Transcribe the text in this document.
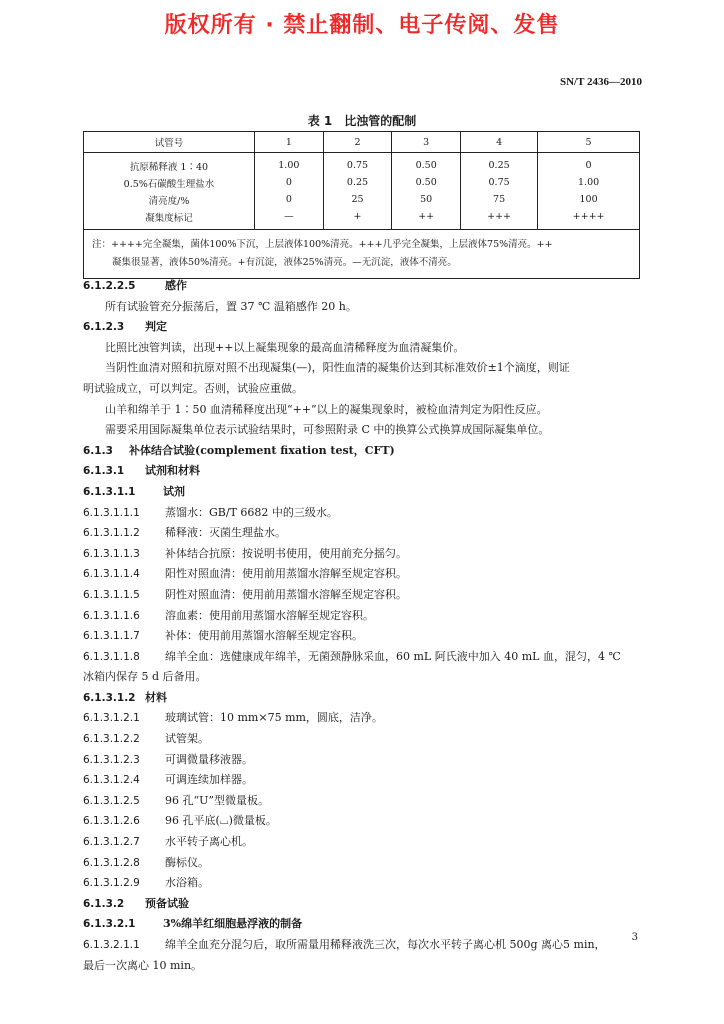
版权所有 · 禁止翻制、电子传阅、发售
SN/T 2436—2010
表 1　比浊管的配制
试管号	1	2	3	4	5
抗原稀释液 1∶40	1.00	0.75	0.50	0.25	0
0.5%石碳酸生理盐水	0	0.25	0.50	0.75	1.00
清亮度/%	0	25	50	75	100
凝集度标记	—	+	++	+++	++++
注：++++完全凝集，菌体100%下沉，上层液体100%清亮。+++几乎完全凝集，上层液体75%清亮。++
凝集很显著，液体50%清亮。+有沉淀，液体25%清亮。—无沉淀，液体不清亮。					
6.1.2.2.5	感作
所有试验管充分振荡后，置 37 ℃ 温箱感作 20 h。
6.1.2.3 判定
比照比浊管判读，出现++以上凝集现象的最高血清稀释度为血清凝集价。
当阴性血清对照和抗原对照不出现凝集(—)，阳性血清的凝集价达到其标准效价±1个滴度，则证
明试验成立，可以判定。否则，试验应重做。
山羊和绵羊于 1∶50 血清稀释度出现“++”以上的凝集现象时，被检血清判定为阳性反应。
需要采用国际凝集单位表示试验结果时，可参照附录 C 中的换算公式换算成国际凝集单位。
6.1.3 补体结合试验(complement fixation test，CFT)
6.1.3.1 试剂和材料
6.1.3.1.1	试剂
6.1.3.1.1.1 蒸馏水：GB/T 6682 中的三级水。
6.1.3.1.1.2 稀释液：灭菌生理盐水。
6.1.3.1.1.3 补体结合抗原：按说明书使用，使用前充分摇匀。
6.1.3.1.1.4 阳性对照血清：使用前用蒸馏水溶解至规定容积。
6.1.3.1.1.5 阴性对照血清：使用前用蒸馏水溶解至规定容积。
6.1.3.1.1.6 溶血素：使用前用蒸馏水溶解至规定容积。
6.1.3.1.1.7 补体：使用前用蒸馏水溶解至规定容积。
6.1.3.1.1.8 绵羊全血：选健康成年绵羊，无菌颈静脉采血，60 mL 阿氏液中加入 40 mL 血，混匀，4 ℃
冰箱内保存 5 d 后备用。
6.1.3.1.2 材料
6.1.3.1.2.1 玻璃试管：10 mm×75 mm，圆底，洁净。
6.1.3.1.2.2 试管架。
6.1.3.1.2.3 可调微量移液器。
6.1.3.1.2.4 可调连续加样器。
6.1.3.1.2.5 96 孔“U”型微量板。
6.1.3.1.2.6 96 孔平底(⌴)微量板。
6.1.3.1.2.7 水平转子离心机。
6.1.3.1.2.8 酶标仪。
6.1.3.1.2.9 水浴箱。
6.1.3.2 预备试验
6.1.3.2.1	3%绵羊红细胞悬浮液的制备
6.1.3.2.1.1 绵羊全血充分混匀后，取所需量用稀释液洗三次，每次水平转子离心机 500g 离心5 min，
最后一次离心 10 min。
3
